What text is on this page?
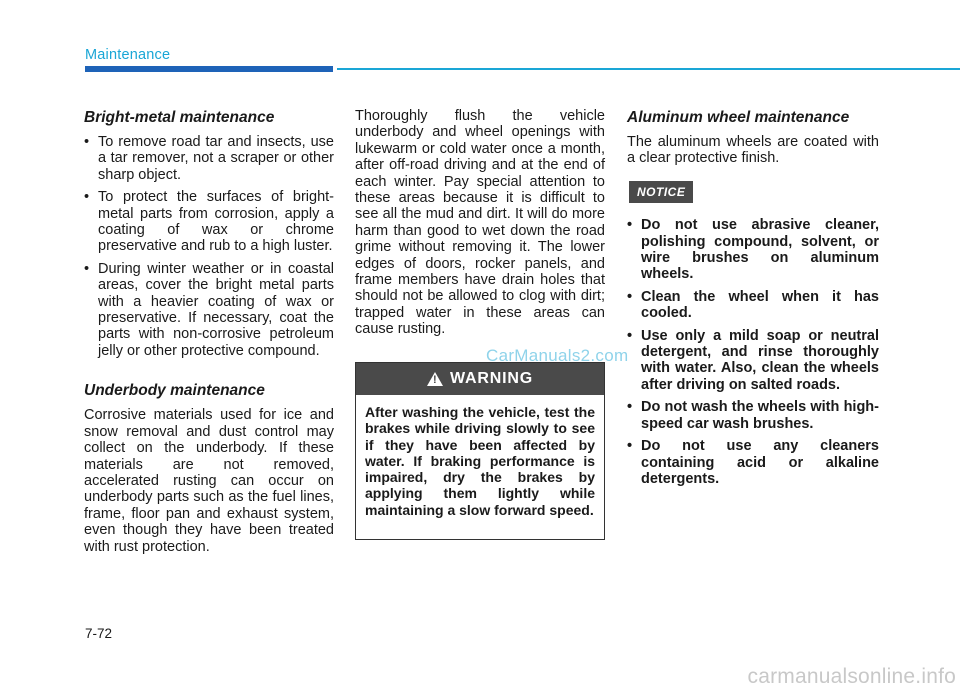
Maintenance
Bright-metal maintenance
• To remove road tar and insects, use a tar remover, not a scraper or other sharp object.
• To protect the surfaces of bright-metal parts from corrosion, apply a coating of wax or chrome preservative and rub to a high luster.
• During winter weather or in coastal areas, cover the bright metal parts with a heavier coating of wax or preservative. If necessary, coat the parts with non-corrosive petroleum jelly or other protective compound.
Underbody maintenance

Corrosive materials used for ice and snow removal and dust control may collect on the underbody. If these materials are not removed, accelerated rusting can occur on underbody parts such as the fuel lines, frame, floor pan and exhaust system, even though they have been treated with rust protection.

Thoroughly flush the vehicle underbody and wheel openings with lukewarm or cold water once a month, after off-road driving and at the end of each winter. Pay special attention to these areas because it is difficult to see all the mud and dirt. It will do more harm than good to wet down the road grime without removing it. The lower edges of doors, rocker panels, and frame members have drain holes that should not be allowed to clog with dirt; trapped water in these areas can cause rusting.

! WARNING
After washing the vehicle, test the brakes while driving slowly to see if they have been affected by water. If braking performance is impaired, dry the brakes by applying them lightly while maintaining a slow forward speed.
CarManuals2.com
Aluminum wheel maintenance

The aluminum wheels are coated with a clear protective finish.

NOTICE
• Do not use abrasive cleaner, polishing compound, solvent, or wire brushes on aluminum wheels.
• Clean the wheel when it has cooled.
• Use only a mild soap or neutral detergent, and rinse thoroughly with water. Also, clean the wheels after driving on salted roads.
• Do not wash the wheels with high-speed car wash brushes.
• Do not use any cleaners containing acid or alkaline detergents.
7-72
carmanualsonline.info
